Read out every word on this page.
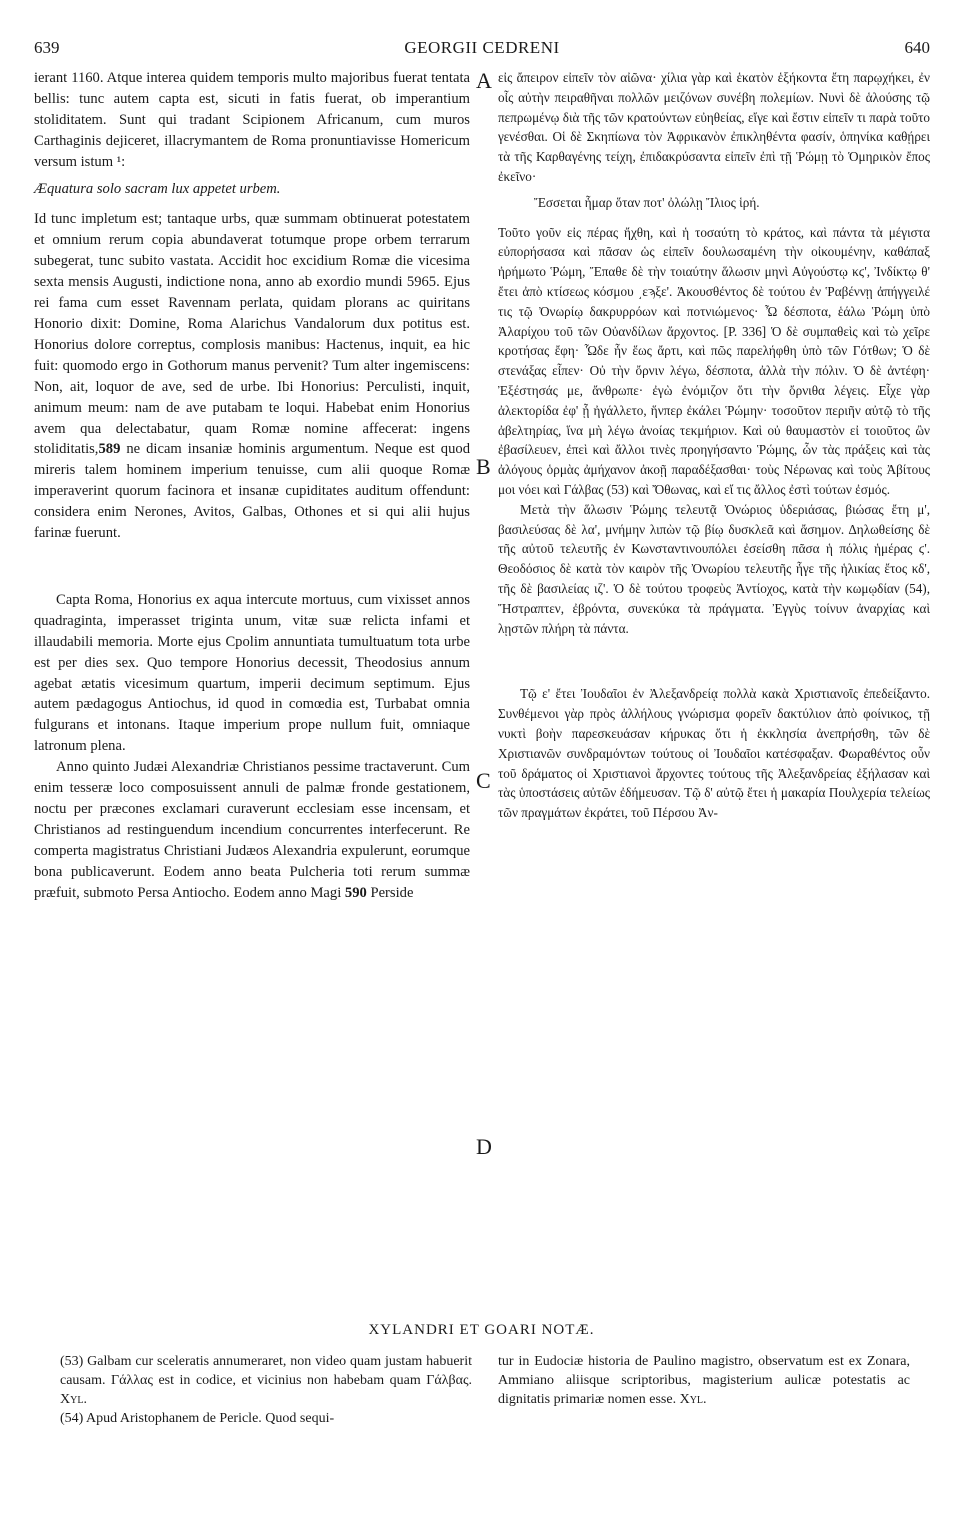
639	GEORGII CEDRENI	640

ierant 1160. Atque interea quidem temporis multo majoribus fuerat tentata bellis: tunc autem capta est, sicuti in fatis fuerat, ob imperantium stoliditatem. Sunt qui tradant Scipionem Africanum, cum muros Carthaginis dejiceret, illacrymantem de Roma pronuntiavisse Homericum versum istum ¹:

Æquatura solo sacram lux appetet urbem.

Id tunc impletum est; tantaque urbs, quæ summam obtinuerat potestatem et omnium rerum copia abundaverat totumque prope orbem terrarum subegerat, tunc subito vastata. Accidit hoc excidium Romæ die vicesima sexta mensis Augusti, indictione nona, anno ab exordio mundi 5965. Ejus rei fama cum esset Ravennam perlata, quidam plorans ac quiritans Honorio dixit: Domine, Roma Alarichus Vandalorum dux potitus est. Honorius dolore correptus, complosis manibus: Hactenus, inquit, ea hic fuit: quomodo ergo in Gothorum manus pervenit? Tum alter ingemiscens: Non, ait, loquor de ave, sed de urbe. Ibi Honorius: Perculisti, inquit, animum meum: nam de ave putabam te loqui. Habebat enim Honorius avem qua delectabatur, quam Romæ nomine affecerat: ingens stoliditatis,589 ne dicam insaniæ hominis argumentum. Neque est quod mireris talem hominem imperium tenuisse, cum alii quoque Romæ imperaverint quorum facinora et insanæ cupiditates auditum offendunt: considera enim Nerones, Avitos, Galbas, Othones et si qui alii hujus farinæ fuerunt.

Capta Roma, Honorius ex aqua intercute mortuus, cum vixisset annos quadraginta, imperasset triginta unum, vitæ suæ relicta infami et illaudabili memoria. Morte ejus Cpolim annuntiata tumultuatum tota urbe est per dies sex. Quo tempore Honorius decessit, Theodosius annum agebat ætatis vicesimum quartum, imperii decimum septimum. Ejus autem pædagogus Antiochus, id quod in comœdia est, Turbabat omnia fulgurans et intonans. Itaque imperium prope nullum fuit, omniaque latronum plena.

Anno quinto Judæi Alexandriæ Christianos pessime tractaverunt. Cum enim tesseræ loco composuissent annuli de palmæ fronde gestationem, noctu per præcones exclamari curaverunt ecclesiam esse incensam, et Christianos ad restinguendum incendium concurrentes interfecerunt. Re comperta magistratus Christiani Judæos Alexandria expulerunt, eorumque bona publicaverunt. Eodem anno beata Pulcheria toti rerum summæ præfuit, submoto Persa Antiocho. Eodem anno Magi 590 Perside

A
B
C
D

εἰς ἄπειρον εἰπεῖν τὸν αἰῶνα· χίλια γὰρ καὶ ἑκατὸν ἑξήκοντα ἔτη παρῳχήκει, ἐν οἷς αὐτὴν πειραθῆναι πολλῶν μειζόνων συνέβη πολεμίων. Νυνὶ δὲ ἁλούσης τῷ πεπρωμένῳ διὰ τῆς τῶν κρατούντων εὐηθείας, εἴγε καὶ ἔστιν εἰπεῖν τι παρὰ τοῦτο γενέσθαι. Οἱ δὲ Σκηπίωνα τὸν Ἀφρικανὸν ἐπικληθέντα φασίν, ὁπηνίκα καθῄρει τὰ τῆς Καρθαγένης τείχη, ἐπιδακρύσαντα εἰπεῖν ἐπὶ τῇ Ῥώμῃ τὸ Ὁμηρικὸν ἔπος ἐκεῖνο·

Ἔσσεται ἦμαρ ὅταν ποτ' ὀλώλῃ Ἴλιος ἱρή.

Τοῦτο γοῦν εἰς πέρας ἤχθη, καὶ ἡ τοσαύτη τὸ κράτος, καὶ πάντα τὰ μέγιστα εὐπορήσασα καὶ πᾶσαν ὡς εἰπεῖν δουλωσαμένη τὴν οἰκουμένην, καθάπαξ ἠρήμωτο Ῥώμη, Ἔπαθε δὲ τὴν τοιαύτην ἅλωσιν μηνὶ Αὐγούστῳ κϛ', Ἰνδίκτῳ θ' ἔτει ἀπὸ κτίσεως κόσμου ͵εϡξε'. Ἀκουσθέντος δὲ τούτου ἐν Ῥαβέννῃ ἀπήγγειλέ τις τῷ Ὀνωρίῳ δακρυρρόων καὶ ποτνιώμενος· Ὦ δέσποτα, ἑάλω Ῥώμη ὑπὸ Ἀλαρίχου τοῦ τῶν Οὐανδίλων ἄρχοντος. [P. 336] Ὁ δὲ συμπαθεὶς καὶ τὼ χεῖρε κροτήσας ἔφη· Ὧδε ἦν ἕως ἄρτι, καὶ πῶς παρελήφθη ὑπὸ τῶν Γότθων; Ὁ δὲ στενάξας εἶπεν· Οὐ τὴν ὄρνιν λέγω, δέσποτα, ἀλλὰ τὴν πόλιν. Ὁ δὲ ἀντέφη· Ἐξέστησάς με, ἄνθρωπε· ἐγὼ ἐνόμιζον ὅτι τὴν ὄρνιθα λέγεις. Εἶχε γὰρ ἀλεκτορίδα ἐφ' ᾗ ἠγάλλετο, ἥνπερ ἐκάλει Ῥώμην· τοσοῦτον περιῆν αὐτῷ τὸ τῆς ἀβελτηρίας, ἵνα μὴ λέγω ἀνοίας τεκμήριον. Καὶ οὐ θαυμαστὸν εἰ τοιοῦτος ὢν ἐβασίλευεν, ἐπεὶ καὶ ἄλλοι τινὲς προηγήσαντο Ῥώμης, ὧν τὰς πράξεις καὶ τὰς ἀλόγους ὁρμὰς ἀμήχανον ἀκοῇ παραδέξασθαι· τοὺς Νέρωνας καὶ τοὺς Ἀβίτους μοι νόει καὶ Γάλβας (53) καὶ Ὄθωνας, καὶ εἴ τις ἄλλος ἐστὶ τούτων ἐσμός.

Μετὰ τὴν ἅλωσιν Ῥώμης τελευτᾷ Ὀνώριος ὑδεριάσας, βιώσας ἔτη μ', βασιλεύσας δὲ λα', μνήμην λιπὼν τῷ βίῳ δυσκλεᾶ καὶ ἄσημον. Δηλωθείσης δὲ τῆς αὐτοῦ τελευτῆς ἐν Κωνσταντινουπόλει ἐσείσθη πᾶσα ἡ πόλις ἡμέρας ϛ'. Θεοδόσιος δὲ κατὰ τὸν καιρὸν τῆς Ὀνωρίου τελευτῆς ἦγε τῆς ἡλικίας ἔτος κδ', τῆς δὲ βασιλείας ιζ'. Ὁ δὲ τούτου τροφεὺς Ἀντίοχος, κατὰ τὴν κωμῳδίαν (54), Ἤστραπτεν, ἐβρόντα, συνεκύκα τὰ πράγματα. Ἐγγὺς τοίνυν ἀναρχίας καὶ λῃστῶν πλήρη τὰ πάντα.

Τῷ ε' ἔτει Ἰουδαῖοι ἐν Ἀλεξανδρείᾳ πολλὰ κακὰ Χριστιανοῖς ἐπεδείξαντο. Συνθέμενοι γὰρ πρὸς ἀλλήλους γνώρισμα φορεῖν δακτύλιον ἀπὸ φοίνικος, τῇ νυκτὶ βοὴν παρεσκευάσαν κήρυκας ὅτι ἡ ἐκκλησία ἀνεπρήσθη, τῶν δὲ Χριστιανῶν συνδραμόντων τούτους οἱ Ἰουδαῖοι κατέσφαξαν. Φωραθέντος οὖν τοῦ δράματος οἱ Χριστιανοὶ ἄρχοντες τούτους τῆς Ἀλεξανδρείας ἐξήλασαν καὶ τὰς ὑποστάσεις αὐτῶν ἐδήμευσαν. Τῷ δ' αὐτῷ ἔτει ἡ μακαρία Πουλχερία τελείως τῶν πραγμάτων ἐκράτει, τοῦ Πέρσου Ἀν-

XYLANDRI ET GOARI NOTÆ.

(53) Galbam cur sceleratis annumeraret, non video quam justam habuerit causam. Γάλλας est in codice, et vicinius non habebam quam Γάλβας. Xyl.

(54) Apud Aristophanem de Pericle. Quod sequi-

tur in Eudociæ historia de Paulino magistro, observatum est ex Zonara, Ammiano aliisque scriptoribus, magisterium aulicæ potestatis ac dignitatis primariæ nomen esse. Xyl.
